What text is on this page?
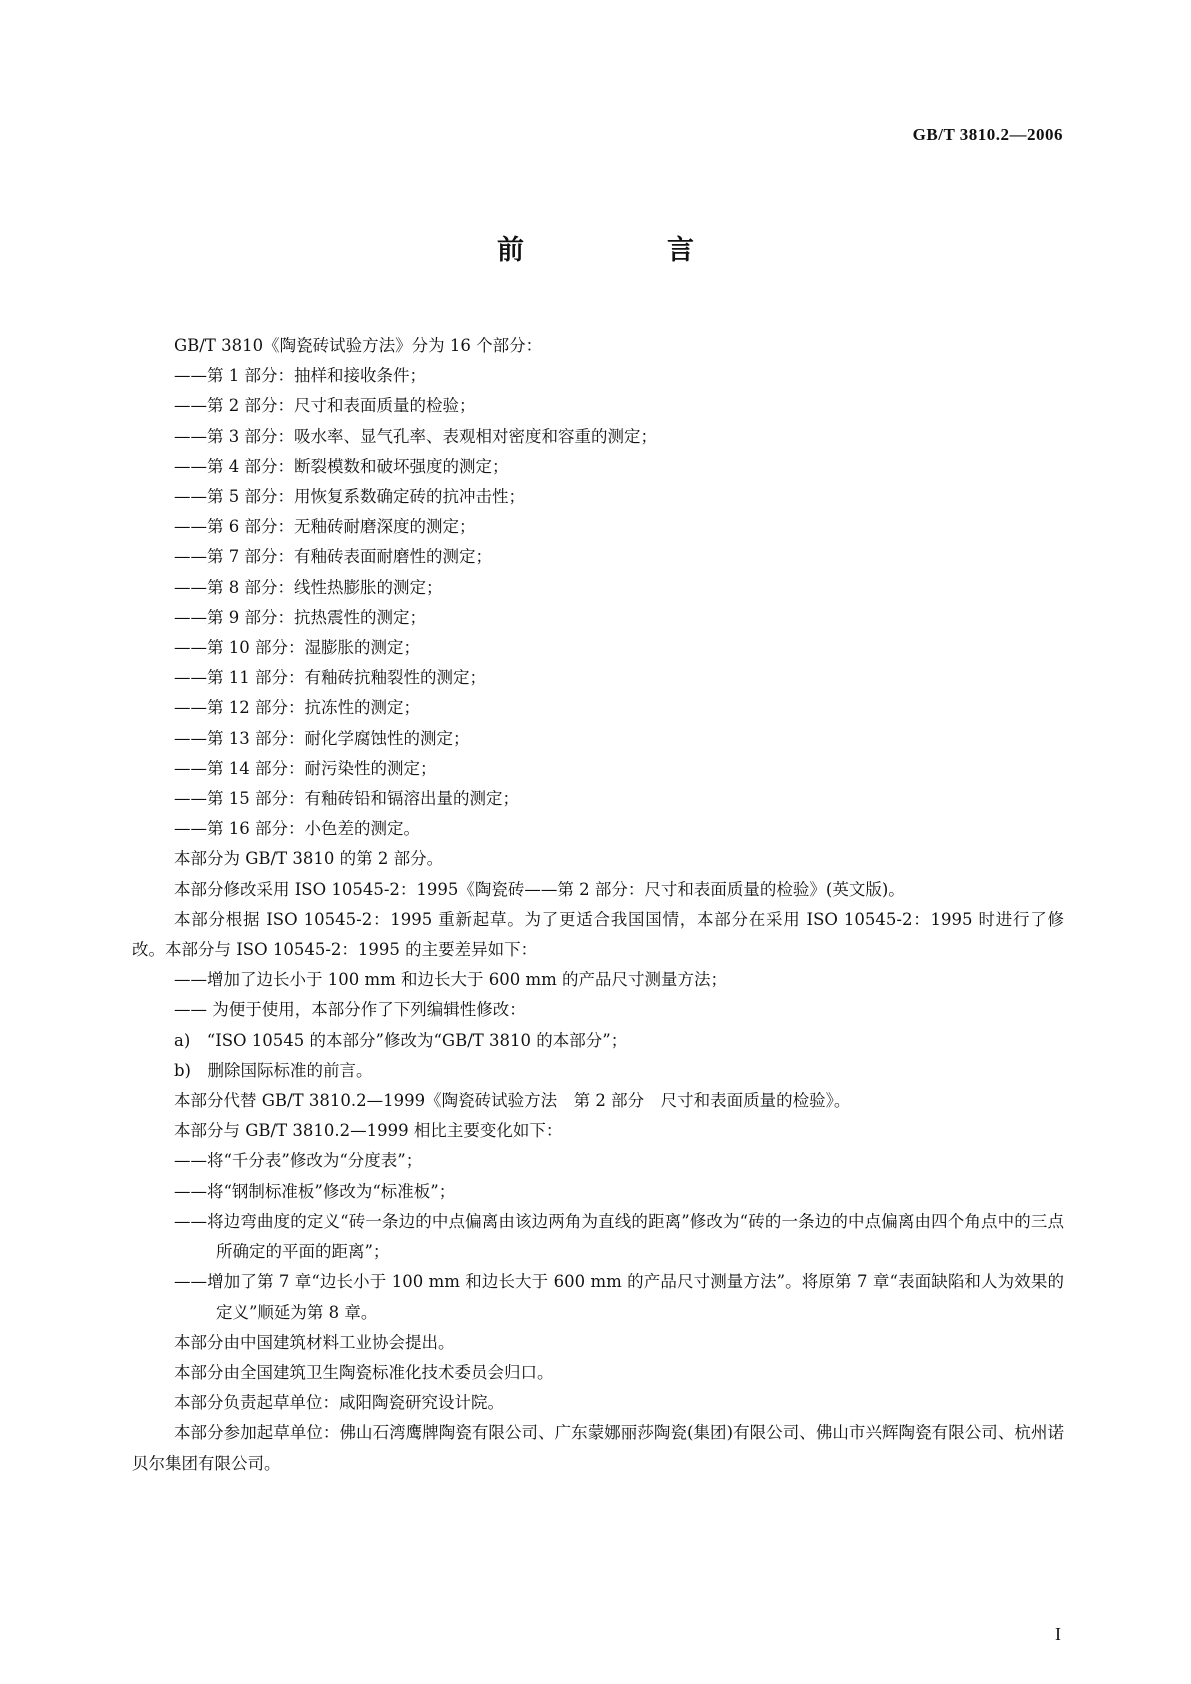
GB/T 3810.2—2006
前　言

GB/T 3810《陶瓷砖试验方法》分为 16 个部分：

——第 1 部分：抽样和接收条件；

——第 2 部分：尺寸和表面质量的检验；

——第 3 部分：吸水率、显气孔率、表观相对密度和容重的测定；

——第 4 部分：断裂模数和破坏强度的测定；

——第 5 部分：用恢复系数确定砖的抗冲击性；

——第 6 部分：无釉砖耐磨深度的测定；

——第 7 部分：有釉砖表面耐磨性的测定；

——第 8 部分：线性热膨胀的测定；

——第 9 部分：抗热震性的测定；

——第 10 部分：湿膨胀的测定；

——第 11 部分：有釉砖抗釉裂性的测定；

——第 12 部分：抗冻性的测定；

——第 13 部分：耐化学腐蚀性的测定；

——第 14 部分：耐污染性的测定；

——第 15 部分：有釉砖铅和镉溶出量的测定；

——第 16 部分：小色差的测定。

本部分为 GB/T 3810 的第 2 部分。

本部分修改采用 ISO 10545-2：1995《陶瓷砖——第 2 部分：尺寸和表面质量的检验》(英文版)。

本部分根据 ISO 10545-2：1995 重新起草。为了更适合我国国情，本部分在采用 ISO 10545-2：1995 时进行了修改。本部分与 ISO 10545-2：1995 的主要差异如下：

——增加了边长小于 100 mm 和边长大于 600 mm 的产品尺寸测量方法；

—— 为便于使用，本部分作了下列编辑性修改：

a)　“ISO 10545 的本部分”修改为“GB/T 3810 的本部分”；

b)　删除国际标准的前言。

本部分代替 GB/T 3810.2—1999《陶瓷砖试验方法　第 2 部分　尺寸和表面质量的检验》。

本部分与 GB/T 3810.2—1999 相比主要变化如下：

——将“千分表”修改为“分度表”；

——将“钢制标准板”修改为“标准板”；

——将边弯曲度的定义“砖一条边的中点偏离由该边两角为直线的距离”修改为“砖的一条边的中点偏离由四个角点中的三点所确定的平面的距离”；

——增加了第 7 章“边长小于 100 mm 和边长大于 600 mm 的产品尺寸测量方法”。将原第 7 章“表面缺陷和人为效果的定义”顺延为第 8 章。

本部分由中国建筑材料工业协会提出。

本部分由全国建筑卫生陶瓷标准化技术委员会归口。

本部分负责起草单位：咸阳陶瓷研究设计院。

本部分参加起草单位：佛山石湾鹰牌陶瓷有限公司、广东蒙娜丽莎陶瓷(集团)有限公司、佛山市兴辉陶瓷有限公司、杭州诺贝尔集团有限公司。

I
